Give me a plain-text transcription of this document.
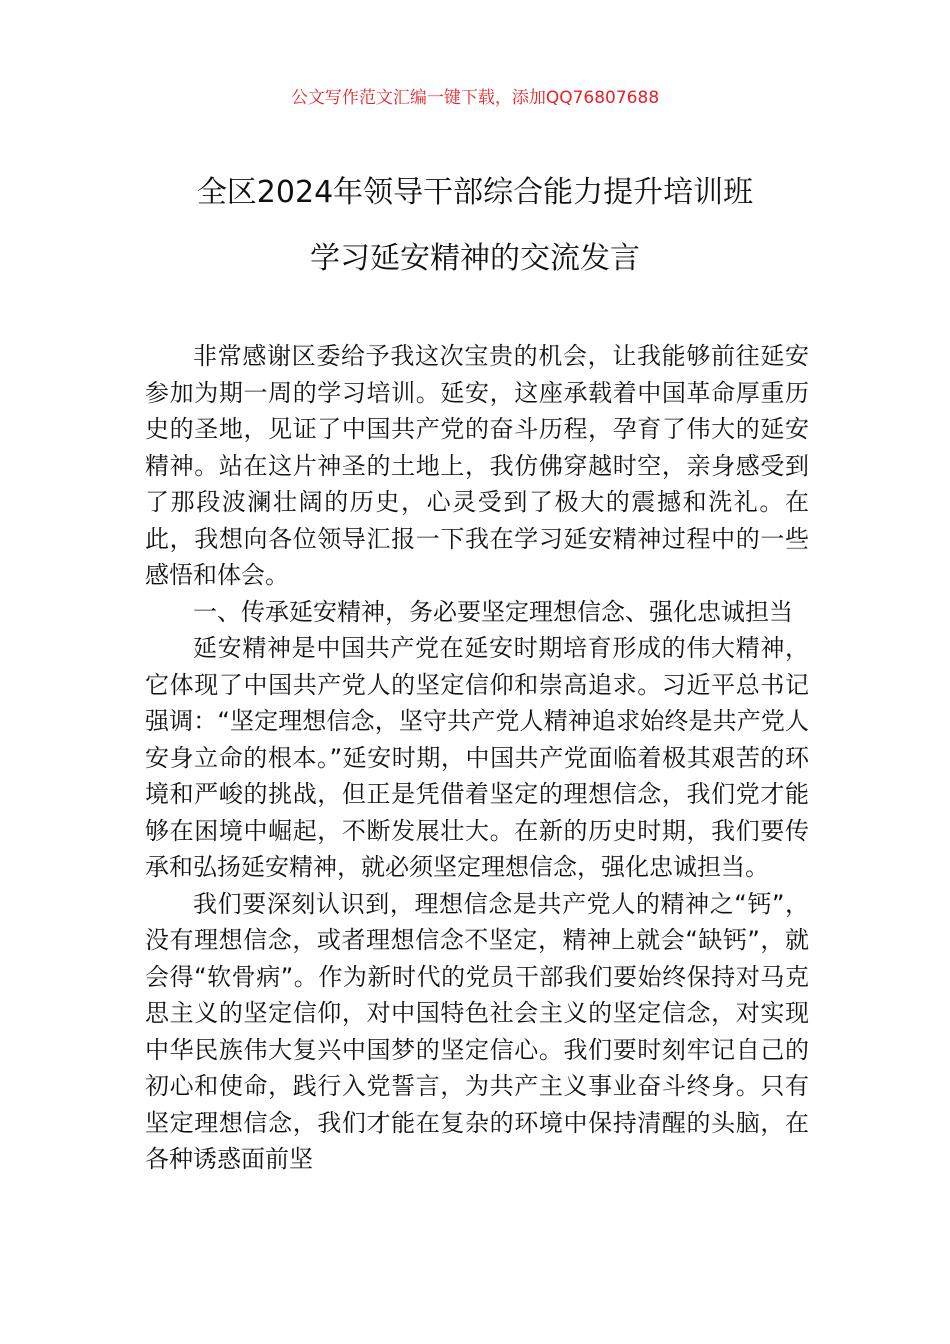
公文写作范文汇编一键下载，添加QQ76807688
全区2024年领导干部综合能力提升培训班
学习延安精神的交流发言

非常感谢区委给予我这次宝贵的机会，让我能够前往延安参加为期一周的学习培训。延安，这座承载着中国革命厚重历史的圣地，见证了中国共产党的奋斗历程，孕育了伟大的延安精神。站在这片神圣的土地上，我仿佛穿越时空，亲身感受到了那段波澜壮阔的历史，心灵受到了极大的震撼和洗礼。在此，我想向各位领导汇报一下我在学习延安精神过程中的一些感悟和体会。

一、传承延安精神，务必要坚定理想信念、强化忠诚担当

延安精神是中国共产党在延安时期培育形成的伟大精神，它体现了中国共产党人的坚定信仰和崇高追求。习近平总书记强调：“坚定理想信念，坚守共产党人精神追求始终是共产党人安身立命的根本。”延安时期，中国共产党面临着极其艰苦的环境和严峻的挑战，但正是凭借着坚定的理想信念，我们党才能够在困境中崛起，不断发展壮大。在新的历史时期，我们要传承和弘扬延安精神，就必须坚定理想信念，强化忠诚担当。

我们要深刻认识到，理想信念是共产党人的精神之“钙”，没有理想信念，或者理想信念不坚定，精神上就会“缺钙”，就会得“软骨病”。作为新时代的党员干部我们要始终保持对马克思主义的坚定信仰，对中国特色社会主义的坚定信念，对实现中华民族伟大复兴中国梦的坚定信心。我们要时刻牢记自己的初心和使命，践行入党誓言，为共产主义事业奋斗终身。只有坚定理想信念，我们才能在复杂的环境中保持清醒的头脑，在各种诱惑面前坚
